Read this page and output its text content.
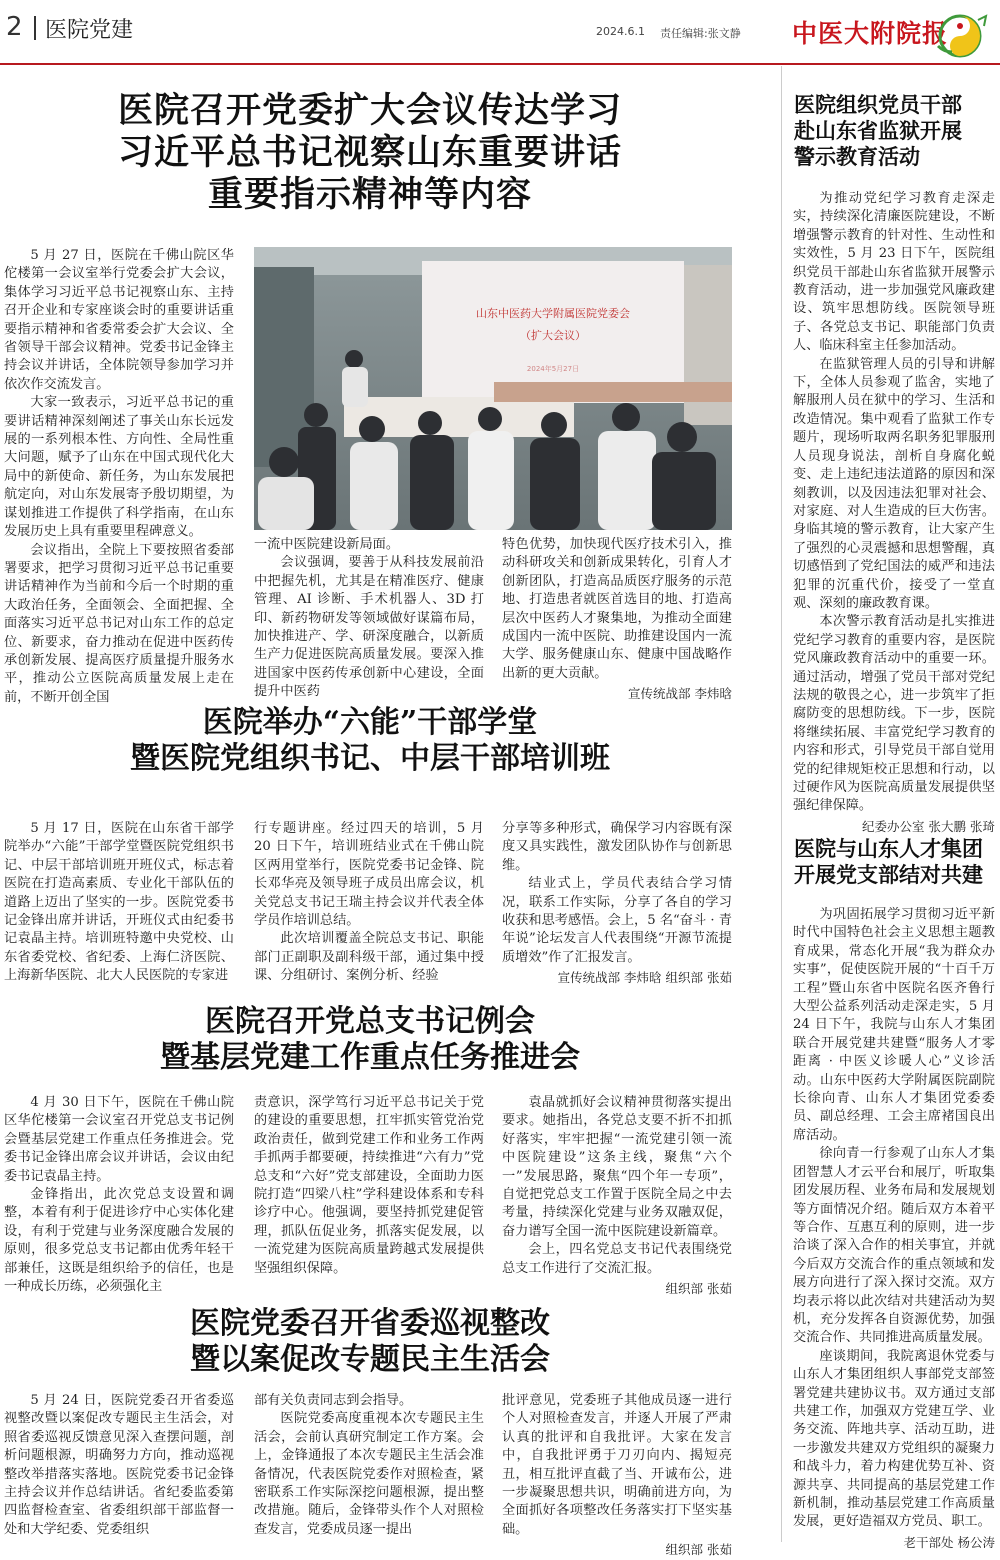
2 医院党建	2024.6.1 责任编辑:张文静 中医大附院报
医院召开党委扩大会议传达学习
习近平总书记视察山东重要讲话
重要指示精神等内容
山东中医药大学附属医院党委会
（扩大会议）
2024年5月27日

5 月 27 日，医院在千佛山院区华佗楼第一会议室举行党委会扩大会议，集体学习习近平总书记视察山东、主持召开企业和专家座谈会时的重要讲话重要指示精神和省委常委会扩大会议、全省领导干部会议精神。党委书记金锋主持会议并讲话，全体院领导参加学习并依次作交流发言。

大家一致表示，习近平总书记的重要讲话精神深刻阐述了事关山东长远发展的一系列根本性、方向性、全局性重大问题，赋予了山东在中国式现代化大局中的新使命、新任务，为山东发展把航定向，对山东发展寄予殷切期望，为谋划推进工作提供了科学指南，在山东发展历史上具有重要里程碑意义。

会议指出，全院上下要按照省委部署要求，把学习贯彻习近平总书记重要讲话精神作为当前和今后一个时期的重大政治任务，全面领会、全面把握、全面落实习近平总书记对山东工作的总定位、新要求，奋力推动在促进中医药传承创新发展、提高医疗质量提升服务水平，推动公立医院高质量发展上走在前，不断开创全国

一流中医院建设新局面。

会议强调，要善于从科技发展前沿中把握先机，尤其是在精准医疗、健康管理、AI 诊断、手术机器人、3D 打印、新药物研发等领域做好谋篇布局，加快推进产、学、研深度融合，以新质生产力促进医院高质量发展。要深入推进国家中医药传承创新中心建设，全面提升中医药

特色优势，加快现代医疗技术引入，推动科研攻关和创新成果转化，引育人才创新团队，打造高品质医疗服务的示范地、打造患者就医首选目的地、打造高层次中医药人才聚集地，为推动全面建成国内一流中医院、助推建设国内一流大学、服务健康山东、健康中国战略作出新的更大贡献。

宣传统战部 李炜晗
医院举办“六能”干部学堂
暨医院党组织书记、中层干部培训班

5 月 17 日，医院在山东省干部学院举办“六能”干部学堂暨医院党组织书记、中层干部培训班开班仪式，标志着医院在打造高素质、专业化干部队伍的道路上迈出了坚实的一步。医院党委书记金锋出席并讲话，开班仪式由纪委书记袁晶主持。培训班特邀中央党校、山东省委党校、省纪委、上海仁济医院、上海新华医院、北大人民医院的专家进

行专题讲座。经过四天的培训，5 月 20 日下午，培训班结业式在千佛山院区两用堂举行，医院党委书记金锋、院长邓华亮及领导班子成员出席会议，机关党总支书记王瑞主持会议并代表全体学员作培训总结。

此次培训覆盖全院总支书记、职能部门正副职及副科级干部，通过集中授课、分组研讨、案例分析、经验

分享等多种形式，确保学习内容既有深度又具实践性，激发团队协作与创新思维。

结业式上，学员代表结合学习情况，联系工作实际，分享了各自的学习收获和思考感悟。会上，5 名“奋斗 · 青年说”论坛发言人代表围绕“开源节流提质增效”作了汇报发言。

宣传统战部 李炜晗 组织部 张茹
医院召开党总支书记例会
暨基层党建工作重点任务推进会

4 月 30 日下午，医院在千佛山院区华佗楼第一会议室召开党总支书记例会暨基层党建工作重点任务推进会。党委书记金锋出席会议并讲话，会议由纪委书记袁晶主持。

金锋指出，此次党总支设置和调整，本着有利于促进诊疗中心实体化建设，有利于党建与业务深度融合发展的原则，很多党总支书记都由优秀年轻干部兼任，这既是组织给予的信任，也是一种成长历练，必须强化主

责意识，深学笃行习近平总书记关于党的建设的重要思想，扛牢抓实管党治党政治责任，做到党建工作和业务工作两手抓两手都要硬，持续推进“六有力”党总支和“六好”党支部建设，全面助力医院打造“四梁八柱”学科建设体系和专科诊疗中心。他强调，要坚持抓党建促管理，抓队伍促业务，抓落实促发展，以一流党建为医院高质量跨越式发展提供坚强组织保障。

袁晶就抓好会议精神贯彻落实提出要求。她指出，各党总支要不折不扣抓好落实，牢牢把握“一流党建引领一流中医院建设”这条主线，聚焦“六个一”发展思路，聚焦“四个年一专项”，自觉把党总支工作置于医院全局之中去考量，持续深化党建与业务双融双促，奋力谱写全国一流中医院建设新篇章。

会上，四名党总支书记代表围绕党总支工作进行了交流汇报。

组织部 张茹
医院党委召开省委巡视整改
暨以案促改专题民主生活会

5 月 24 日，医院党委召开省委巡视整改暨以案促改专题民主生活会，对照省委巡视反馈意见深入查摆问题，剖析问题根源，明确努力方向，推动巡视整改举措落实落地。医院党委书记金锋主持会议并作总结讲话。省纪委监委第四监督检查室、省委组织部干部监督一处和大学纪委、党委组织

部有关负责同志到会指导。

医院党委高度重视本次专题民主生活会，会前认真研究制定工作方案。会上，金锋通报了本次专题民主生活会准备情况，代表医院党委作对照检查，紧密联系工作实际深挖问题根源，提出整改措施。随后，金锋带头作个人对照检查发言，党委成员逐一提出

批评意见，党委班子其他成员逐一进行个人对照检查发言，并逐人开展了严肃认真的批评和自我批评。大家在发言中，自我批评勇于刀刃向内、揭短亮丑，相互批评直截了当、开诚布公，进一步凝聚思想共识，明确前进方向，为全面抓好各项整改任务落实打下坚实基础。

组织部 张茹
医院组织党员干部
赴山东省监狱开展
警示教育活动

为推动党纪学习教育走深走实，持续深化清廉医院建设，不断增强警示教育的针对性、生动性和实效性，5 月 23 日下午，医院组织党员干部赴山东省监狱开展警示教育活动，进一步加强党风廉政建设、筑牢思想防线。医院领导班子、各党总支书记、职能部门负责人、临床科室主任参加活动。

在监狱管理人员的引导和讲解下，全体人员参观了监舍，实地了解服刑人员在狱中的学习、生活和改造情况。集中观看了监狱工作专题片，现场听取两名职务犯罪服刑人员现身说法，剖析自身腐化蜕变、走上违纪违法道路的原因和深刻教训，以及因违法犯罪对社会、对家庭、对人生造成的巨大伤害。身临其境的警示教育，让大家产生了强烈的心灵震撼和思想警醒，真切感悟到了党纪国法的威严和违法犯罪的沉重代价，接受了一堂直观、深刻的廉政教育课。

本次警示教育活动是扎实推进党纪学习教育的重要内容，是医院党风廉政教育活动中的重要一环。通过活动，增强了党员干部对党纪法规的敬畏之心，进一步筑牢了拒腐防变的思想防线。下一步，医院将继续拓展、丰富党纪学习教育的内容和形式，引导党员干部自觉用党的纪律规矩校正思想和行动，以过硬作风为医院高质量发展提供坚强纪律保障。

纪委办公室 张大鹏 张琦
医院与山东人才集团
开展党支部结对共建

为巩固拓展学习贯彻习近平新时代中国特色社会主义思想主题教育成果，常态化开展“我为群众办实事”，促使医院开展的“十百千万工程”暨山东省中医院名医齐鲁行大型公益系列活动走深走实，5 月 24 日下午，我院与山东人才集团联合开展党建共建暨“服务人才零距离 · 中医义诊暖人心”义诊活动。山东中医药大学附属医院副院长徐向青、山东人才集团党委委员、副总经理、工会主席褚国良出席活动。

徐向青一行参观了山东人才集团智慧人才云平台和展厅，听取集团发展历程、业务布局和发展规划等方面情况介绍。随后双方本着平等合作、互惠互利的原则，进一步洽谈了深入合作的相关事宜，并就今后双方交流合作的重点领域和发展方向进行了深入探讨交流。双方均表示将以此次结对共建活动为契机，充分发挥各自资源优势，加强交流合作、共同推进高质量发展。

座谈期间，我院离退休党委与山东人才集团组织人事部党支部签署党建共建协议书。双方通过支部共建工作，加强双方党建互学、业务交流、阵地共享、活动互助，进一步激发共建双方党组织的凝聚力和战斗力，着力构建优势互补、资源共享、共同提高的基层党建工作新机制，推动基层党建工作高质量发展，更好造福双方党员、职工。

老干部处 杨公涛
